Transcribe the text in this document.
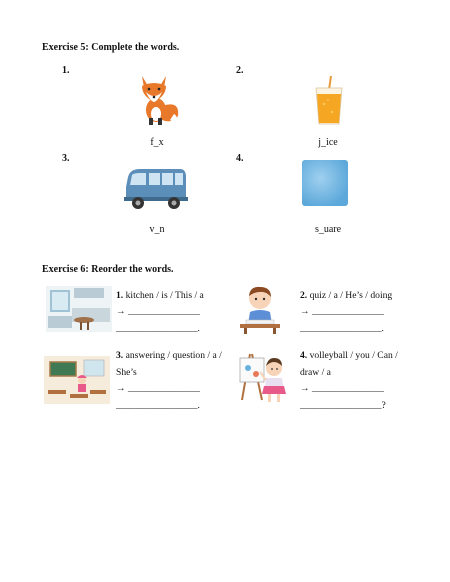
Exercise 5: Complete the words.
1.
f_x
2.
j_ice
3.
v_n
4.
s_uare
Exercise 6: Reorder the words.
1. kitchen / is / This / a
→ _______________
_________________.
2. quiz / a / He’s / doing
→ _______________
_________________.
3. answering / question / a /
She’s
→ _______________
_________________.
4. volleyball / you / Can /
draw / a
→ _______________
_________________?
